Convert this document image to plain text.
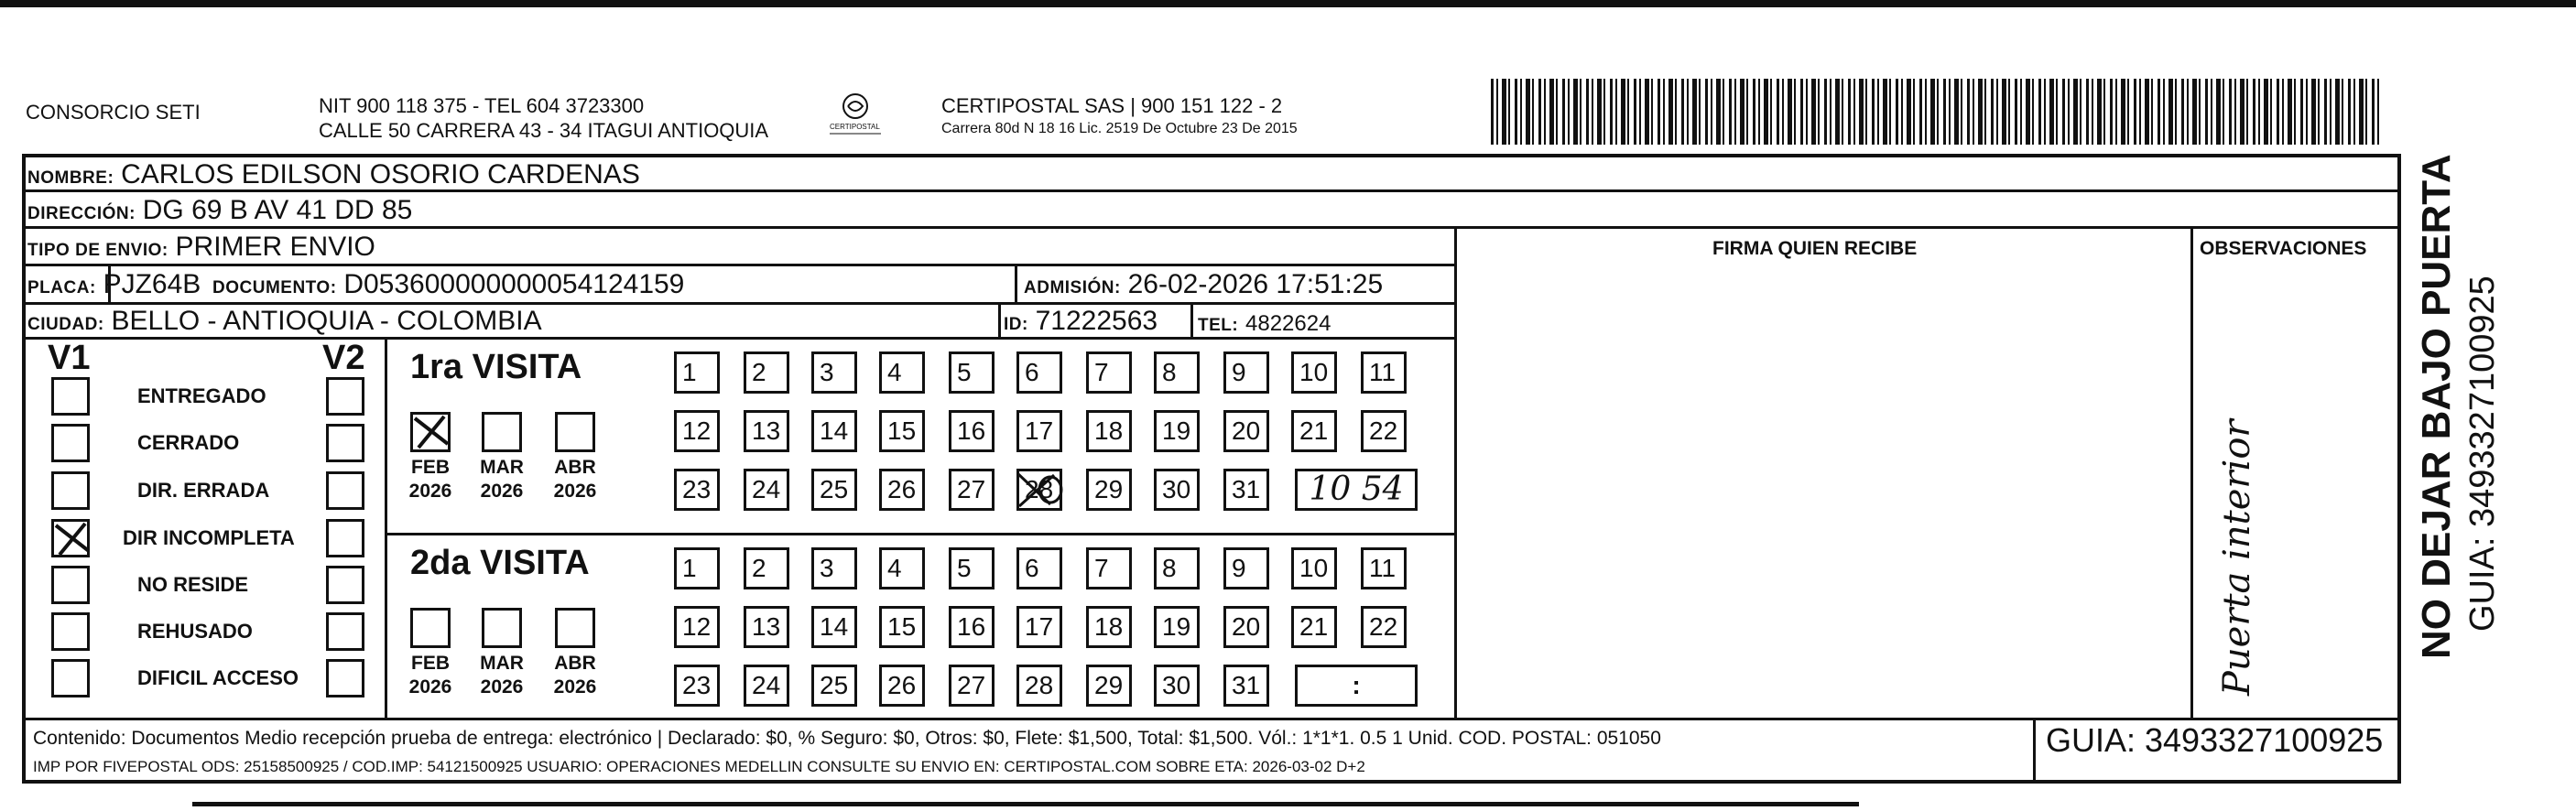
CONSORCIO SETI	NIT 900 118 375 - TEL 604 3723300
CALLE 50 CARRERA 43 - 34 ITAGUI ANTIOQUIA	CERTIPOSTAL
CERTIPOSTAL SAS | 900 151 122 - 2
Carrera 80d N 18 16 Lic. 2519 De Octubre 23 De 2015
NOMBRE: CARLOS EDILSON OSORIO CARDENAS
DIRECCIÓN: DG 69 B AV 41 DD 85
TIPO DE ENVIO: PRIMER ENVIO
PLACA: PJZ64B DOCUMENTO: D053600000000054124159	ADMISIÓN: 26-02-2026 17:51:25
CIUDAD: BELLO - ANTIOQUIA - COLOMBIA	ID: 71222563 TEL: 4822624
FIRMA QUIEN RECIBE	OBSERVACIONES
V1	V2
ENTREGADO
CERRADO
DIR. ERRADA
DIR INCOMPLETA
NO RESIDE
REHUSADO
DIFICIL ACCESO
1ra VISITA
FEB
2026
MAR
2026
ABR
2026
1	2	3	4	5	6	7	8	9	10	11
12	13	14	15	16	17	18	19	20	21	22
23	24	25	26	27	28	29	30	31	10 54
2da VISITA
FEB
2026
MAR
2026
ABR
2026
1	2	3	4	5	6	7	8	9	10	11
12	13	14	15	16	17	18	19	20	21	22
23	24	25	26	27	28	29	30	31	:	Puerta interior
Contenido: Documentos Medio recepción prueba de entrega: electrónico | Declarado: $0, % Seguro: $0, Otros: $0, Flete: $1,500, Total: $1,500. Vól.: 1*1*1. 0.5 1 Unid. COD. POSTAL: 051050
IMP POR FIVEPOSTAL ODS: 25158500925 / COD.IMP: 54121500925 USUARIO: OPERACIONES MEDELLIN CONSULTE SU ENVIO EN: CERTIPOSTAL.COM SOBRE ETA: 2026-03-02 D+2
GUIA: 3493327100925
NO DEJAR BAJO PUERTA GUIA: 3493327100925
